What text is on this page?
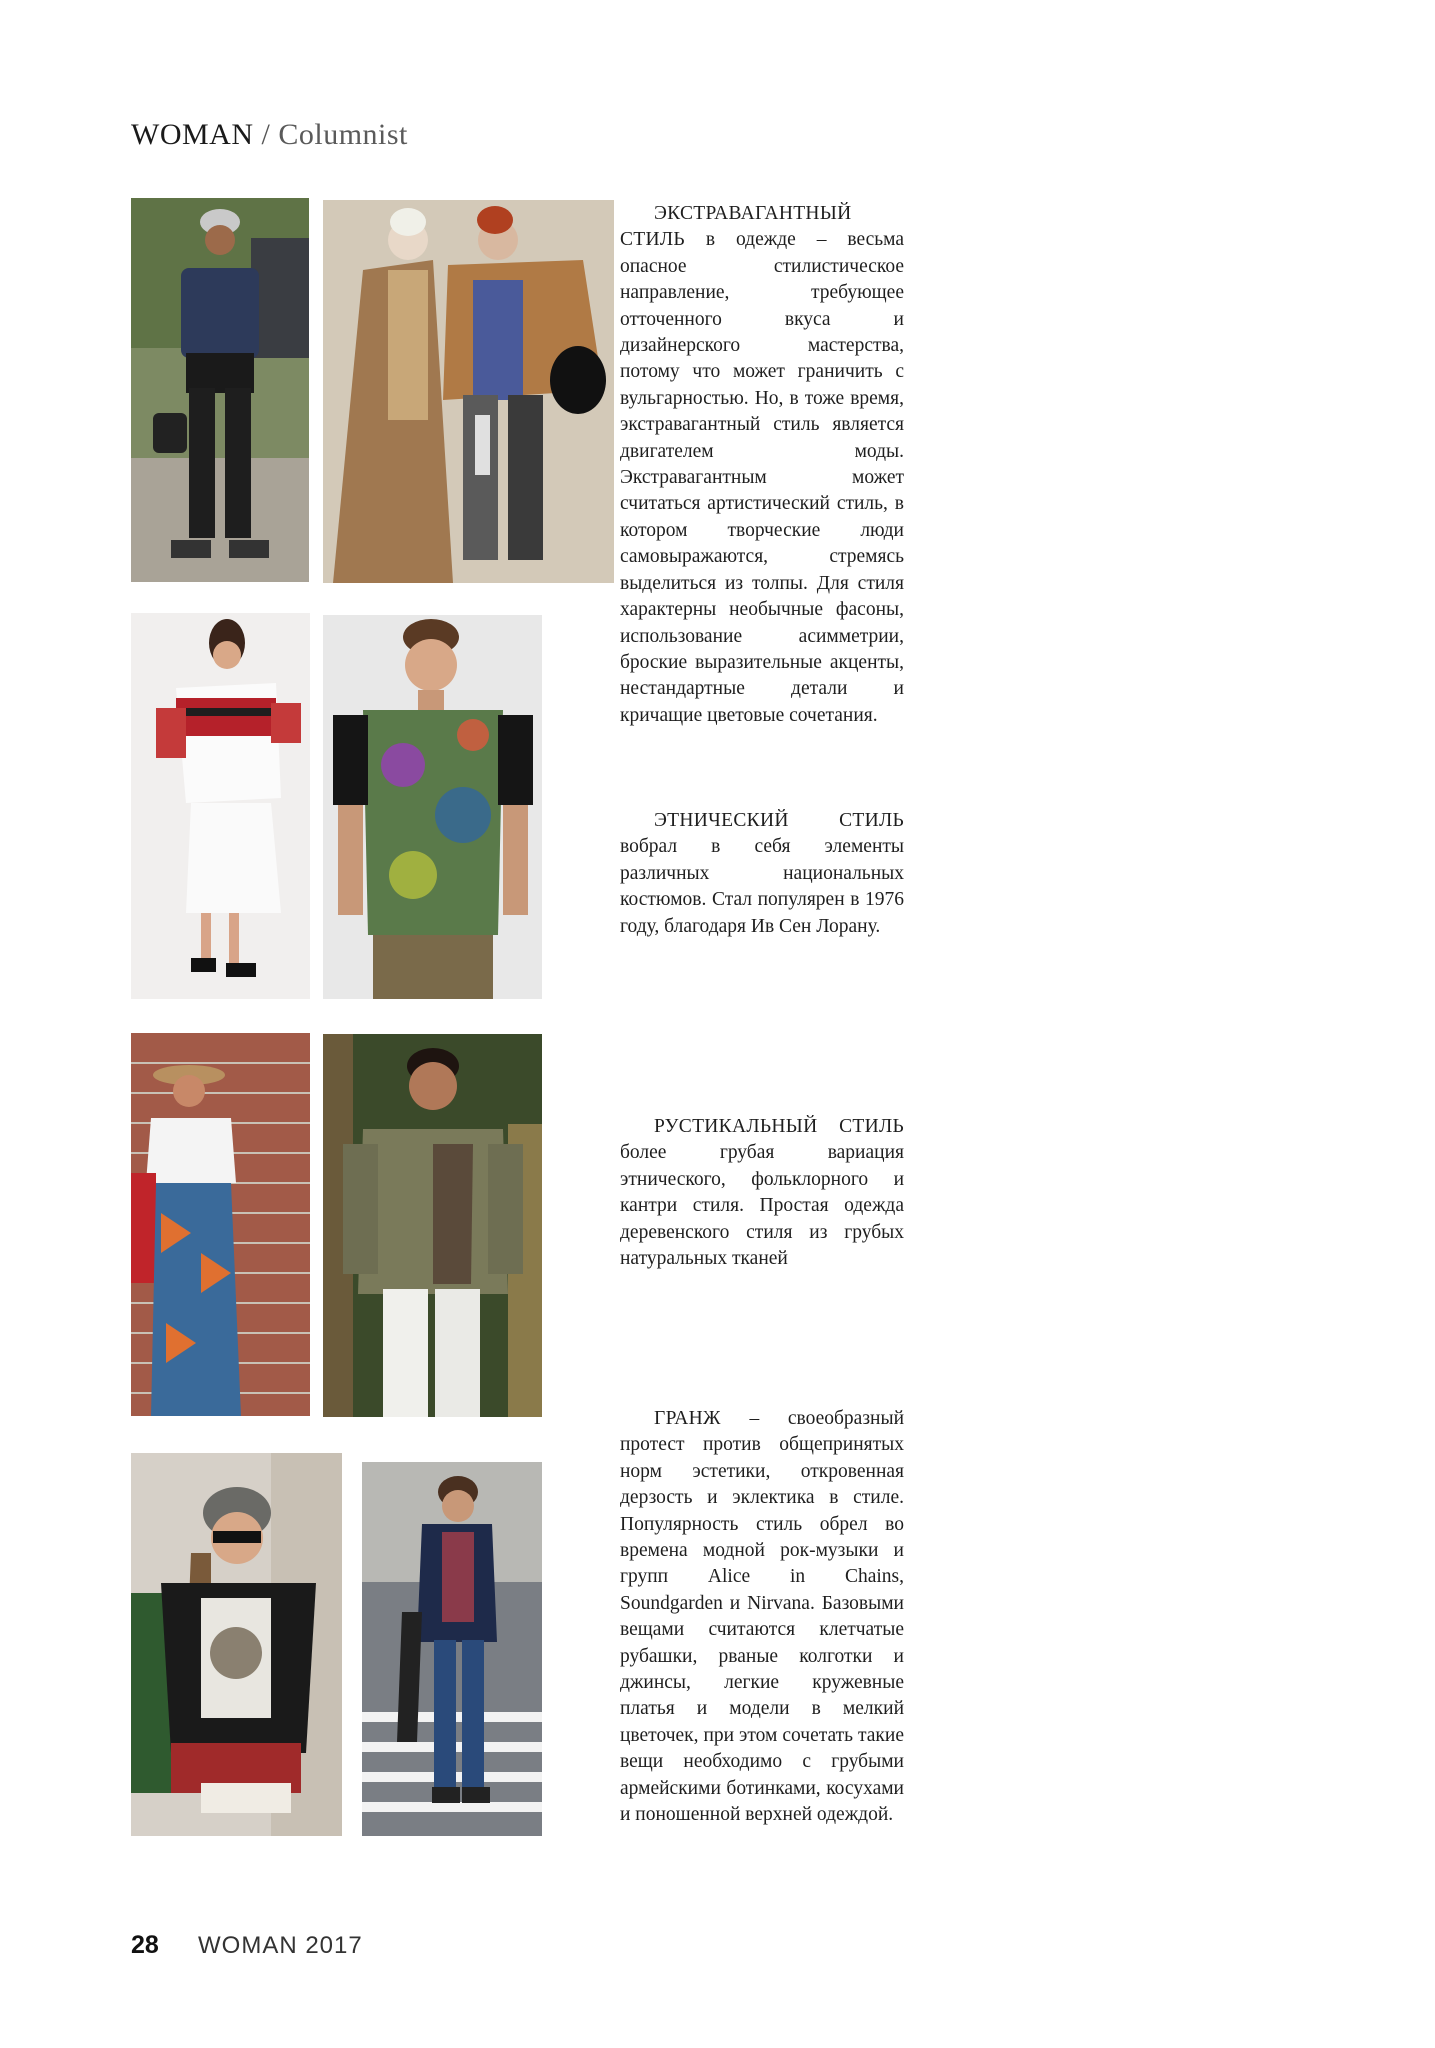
WOMAN / Columnist

ЭКСТРАВАГАНТНЫЙ СТИЛЬ в одежде – весьма опасное стилистическое направление, требующее отточенного вкуса и дизайнерского мастерства, потому что может граничить с вульгарностью. Но, в тоже время, экстравагантный стиль является двигателем моды. Экстравагантным может считаться артистический стиль, в котором творческие люди самовыражаются, стремясь выделиться из толпы. Для стиля характерны необычные фасоны, использование асимметрии, броские выразительные акценты, нестандартные детали и кричащие цветовые сочетания.

ЭТНИЧЕСКИЙ СТИЛЬ вобрал в себя элементы различных национальных костюмов. Стал популярен в 1976 году, благодаря Ив Сен Лорану.

РУСТИКАЛЬНЫЙ СТИЛЬ более грубая вариация этнического, фольклорного и кантри стиля. Простая одежда деревенского стиля из грубых натуральных тканей

ГРАНЖ – своеобразный протест против общепринятых норм эстетики, откровенная дерзость и эклектика в стиле. Популярность стиль обрел во времена модной рок-музыки и групп Alice in Chains, Soundgarden и Nirvana. Базовыми вещами считаются клетчатые рубашки, рваные колготки и джинсы, легкие кружевные платья и модели в мелкий цветочек, при этом сочетать такие вещи необходимо с грубыми армейскими ботинками, косухами и поношенной верхней одеждой.

28 WOMAN 2017
